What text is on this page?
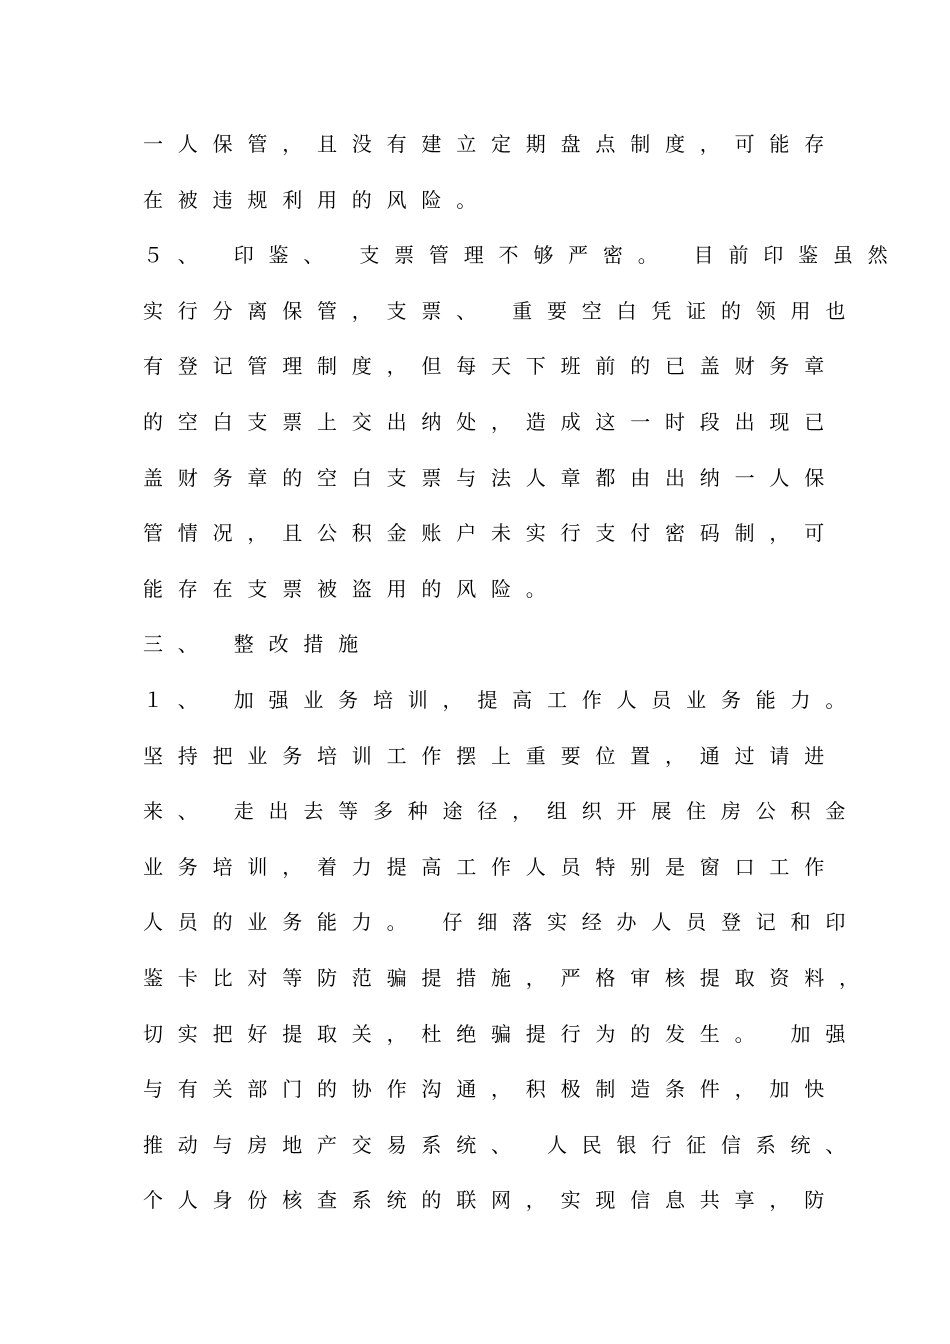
一人保管，且没有建立定期盘点制度，可能存
在被违规利用的风险。
５、 印鉴、 支票管理不够严密。 目前印鉴虽然
实行分离保管，支票、 重要空白凭证的领用也
有登记管理制度，但每天下班前的已盖财务章
的空白支票上交出纳处，造成这一时段出现已
盖财务章的空白支票与法人章都由出纳一人保
管情况，且公积金账户未实行支付密码制，可
能存在支票被盗用的风险。
三、 整改措施
１、 加强业务培训，提高工作人员业务能力。
坚持把业务培训工作摆上重要位置，通过请进
来、 走出去等多种途径，组织开展住房公积金
业务培训，着力提高工作人员特别是窗口工作
人员的业务能力。 仔细落实经办人员登记和印
鉴卡比对等防范骗提措施，严格审核提取资料，
切实把好提取关，杜绝骗提行为的发生。 加强
与有关部门的协作沟通，积极制造条件，加快
推动与房地产交易系统、 人民银行征信系统、
个人身份核查系统的联网，实现信息共享，防
